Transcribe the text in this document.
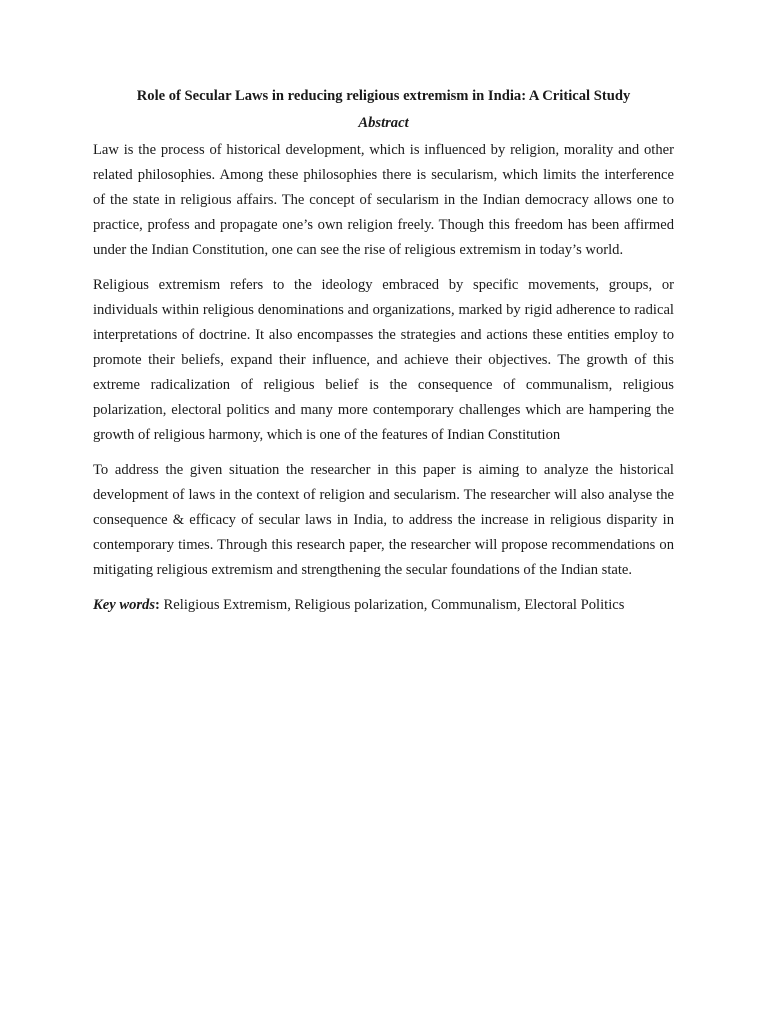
Role of Secular Laws in reducing religious extremism in India: A Critical Study
Abstract

Law is the process of historical development, which is influenced by religion, morality and other related philosophies. Among these philosophies there is secularism, which limits the interference of the state in religious affairs. The concept of secularism in the Indian democracy allows one to practice, profess and propagate one’s own religion freely. Though this freedom has been affirmed under the Indian Constitution, one can see the rise of religious extremism in today’s world.

Religious extremism refers to the ideology embraced by specific movements, groups, or individuals within religious denominations and organizations, marked by rigid adherence to radical interpretations of doctrine. It also encompasses the strategies and actions these entities employ to promote their beliefs, expand their influence, and achieve their objectives. The growth of this extreme radicalization of religious belief is the consequence of communalism, religious polarization, electoral politics and many more contemporary challenges which are hampering the growth of religious harmony, which is one of the features of Indian Constitution

To address the given situation the researcher in this paper is aiming to analyze the historical development of laws in the context of religion and secularism. The researcher will also analyse the consequence & efficacy of secular laws in India, to address the increase in religious disparity in contemporary times. Through this research paper, the researcher will propose recommendations on mitigating religious extremism and strengthening the secular foundations of the Indian state.

Key words: Religious Extremism, Religious polarization, Communalism, Electoral Politics
